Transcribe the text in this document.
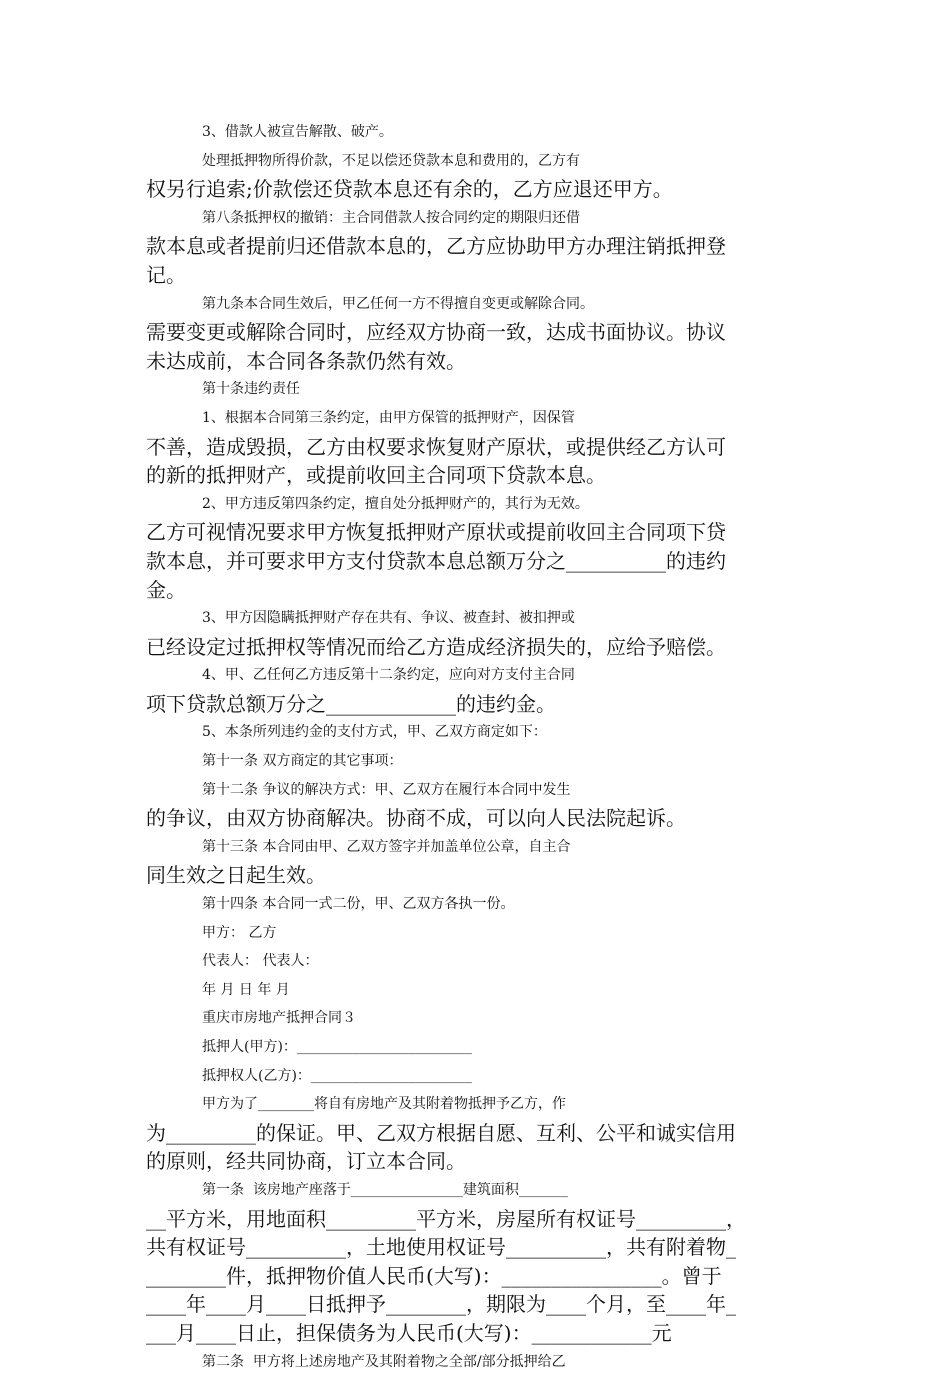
3、借款人被宣告解散、破产。
处理抵押物所得价款，不足以偿还贷款本息和费用的，乙方有
权另行追索;价款偿还贷款本息还有余的，乙方应退还甲方。
第八条抵押权的撤销：主合同借款人按合同约定的期限归还借
款本息或者提前归还借款本息的，乙方应协助甲方办理注销抵押登
记。
第九条本合同生效后，甲乙任何一方不得擅自变更或解除合同。
需要变更或解除合同时，应经双方协商一致，达成书面协议。协议
未达成前，本合同各条款仍然有效。
第十条违约责任
1、根据本合同第三条约定，由甲方保管的抵押财产，因保管
不善，造成毁损，乙方由权要求恢复财产原状，或提供经乙方认可
的新的抵押财产，或提前收回主合同项下贷款本息。
2、甲方违反第四条约定，擅自处分抵押财产的，其行为无效。
乙方可视情况要求甲方恢复抵押财产原状或提前收回主合同项下贷
款本息，并可要求甲方支付贷款本息总额万分之__________的违约
金。
3、甲方因隐瞒抵押财产存在共有、争议、被查封、被扣押或
已经设定过抵押权等情况而给乙方造成经济损失的，应给予赔偿。
4、甲、乙任何乙方违反第十二条约定，应向对方支付主合同
项下贷款总额万分之_____________的违约金。
5、本条所列违约金的支付方式，甲、乙双方商定如下：
第十一条 双方商定的其它事项：
第十二条 争议的解决方式：甲、乙双方在履行本合同中发生
的争议，由双方协商解决。协商不成，可以向人民法院起诉。
第十三条 本合同由甲、乙双方签字并加盖单位公章，自主合
同生效之日起生效。
第十四条 本合同一式二份，甲、乙双方各执一份。
甲方： 乙方
代表人： 代表人：
年 月 日 年 月
重庆市房地产抵押合同３
抵押人(甲方)：_________________________
抵押权人(乙方)：_______________________
甲方为了________将自有房地产及其附着物抵押予乙方，作
为_________的保证。甲、乙双方根据自愿、互利、公平和诚实信用
的原则，经共同协商，订立本合同。
第一条  该房地产座落于________________建筑面积_______
__平方米，用地面积_________平方米，房屋所有权证号_________，
共有权证号__________，土地使用权证号__________，共有附着物_
________件，抵押物价值人民币(大写)：________________。曾于
____年____月____日抵押予________，期限为____个月，至____年_
___月____日止，担保债务为人民币(大写)：____________元
第二条  甲方将上述房地产及其附着物之全部/部分抵押给乙
